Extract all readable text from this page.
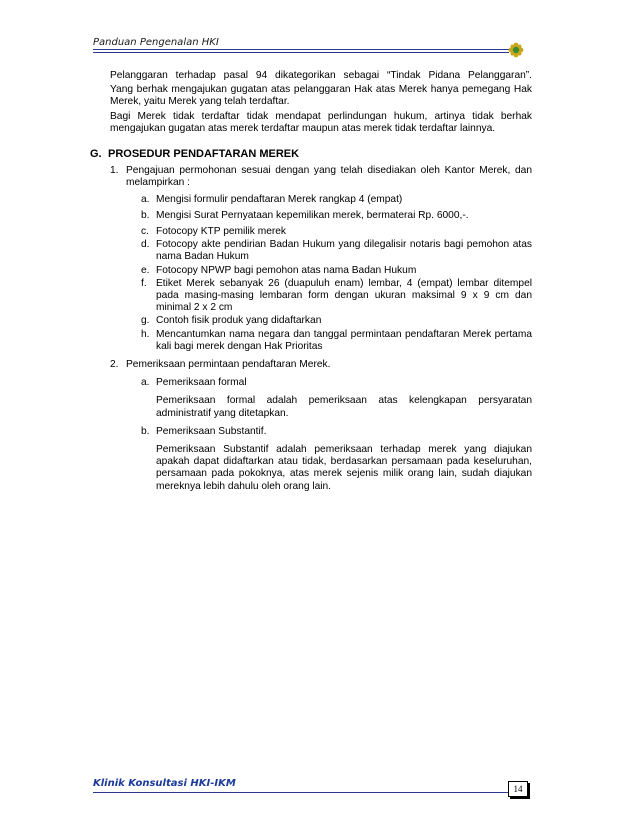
Panduan Pengenalan HKI

Pelanggaran terhadap pasal 94 dikategorikan sebagai “Tindak Pidana Pelanggaran”.

Yang berhak mengajukan gugatan atas pelanggaran Hak atas Merek hanya pemegang Hak Merek, yaitu Merek yang telah terdaftar.

Bagi Merek tidak terdaftar tidak mendapat perlindungan hukum, artinya tidak berhak mengajukan gugatan atas merek terdaftar maupun atas merek tidak terdaftar lainnya.

G. PROSEDUR PENDAFTARAN MEREK
1. Pengajuan permohonan sesuai dengan yang telah disediakan oleh Kantor Merek, dan melampirkan :
a. Mengisi formulir pendaftaran Merek rangkap 4 (empat)
b. Mengisi Surat Pernyataan kepemilikan merek, bermaterai Rp. 6000,-.
c. Fotocopy KTP pemilik merek
d. Fotocopy akte pendirian Badan Hukum yang dilegalisir notaris bagi pemohon atas nama Badan Hukum
e. Fotocopy NPWP bagi pemohon atas nama Badan Hukum
f. Etiket Merek sebanyak 26 (duapuluh enam) lembar, 4 (empat) lembar ditempel pada masing-masing lembaran form dengan ukuran maksimal 9 x 9 cm dan minimal 2 x 2 cm
g. Contoh fisik produk yang didaftarkan
h. Mencantumkan nama negara dan tanggal permintaan pendaftaran Merek pertama kali bagi merek dengan Hak Prioritas
2. Pemeriksaan permintaan pendaftaran Merek.
a. Pemeriksaan formal

Pemeriksaan formal adalah pemeriksaan atas kelengkapan persyaratan administratif yang ditetapkan.

b. Pemeriksaan Substantif.

Pemeriksaan Substantif adalah pemeriksaan terhadap merek yang diajukan apakah dapat didaftarkan atau tidak, berdasarkan persamaan pada keseluruhan, persamaan pada pokoknya, atas merek sejenis milik orang lain, sudah diajukan mereknya lebih dahulu oleh orang lain.

Klinik Konsultasi HKI-IKM	14
